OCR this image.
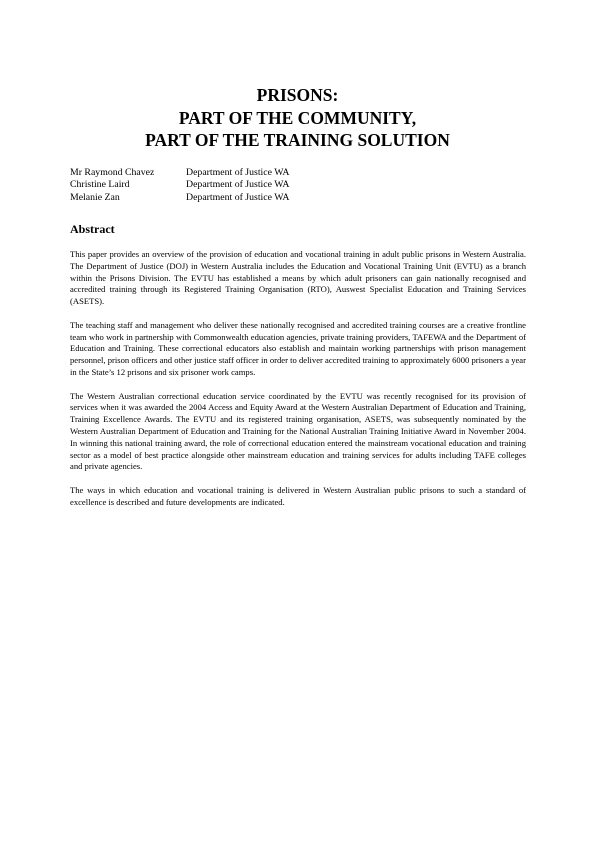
PRISONS:
PART OF THE COMMUNITY,
PART OF THE TRAINING SOLUTION
Mr Raymond Chavez	Department of Justice WA
Christine Laird	Department of Justice WA
Melanie Zan	Department of Justice WA
Abstract

This paper provides an overview of the provision of education and vocational training in adult public prisons in Western Australia. The Department of Justice (DOJ) in Western Australia includes the Education and Vocational Training Unit (EVTU) as a branch within the Prisons Division. The EVTU has established a means by which adult prisoners can gain nationally recognised and accredited training through its Registered Training Organisation (RTO), Auswest Specialist Education and Training Services (ASETS).

The teaching staff and management who deliver these nationally recognised and accredited training courses are a creative frontline team who work in partnership with Commonwealth education agencies, private training providers, TAFEWA and the Department of Education and Training. These correctional educators also establish and maintain working partnerships with prison management personnel, prison officers and other justice staff officer in order to deliver accredited training to approximately 6000 prisoners a year in the State’s 12 prisons and six prisoner work camps.

The Western Australian correctional education service coordinated by the EVTU was recently recognised for its provision of services when it was awarded the 2004 Access and Equity Award at the Western Australian Department of Education and Training, Training Excellence Awards. The EVTU and its registered training organisation, ASETS, was subsequently nominated by the Western Australian Department of Education and Training for the National Australian Training Initiative Award in November 2004. In winning this national training award, the role of correctional education entered the mainstream vocational education and training sector as a model of best practice alongside other mainstream education and training services for adults including TAFE colleges and private agencies.

The ways in which education and vocational training is delivered in Western Australian public prisons to such a standard of excellence is described and future developments are indicated.
